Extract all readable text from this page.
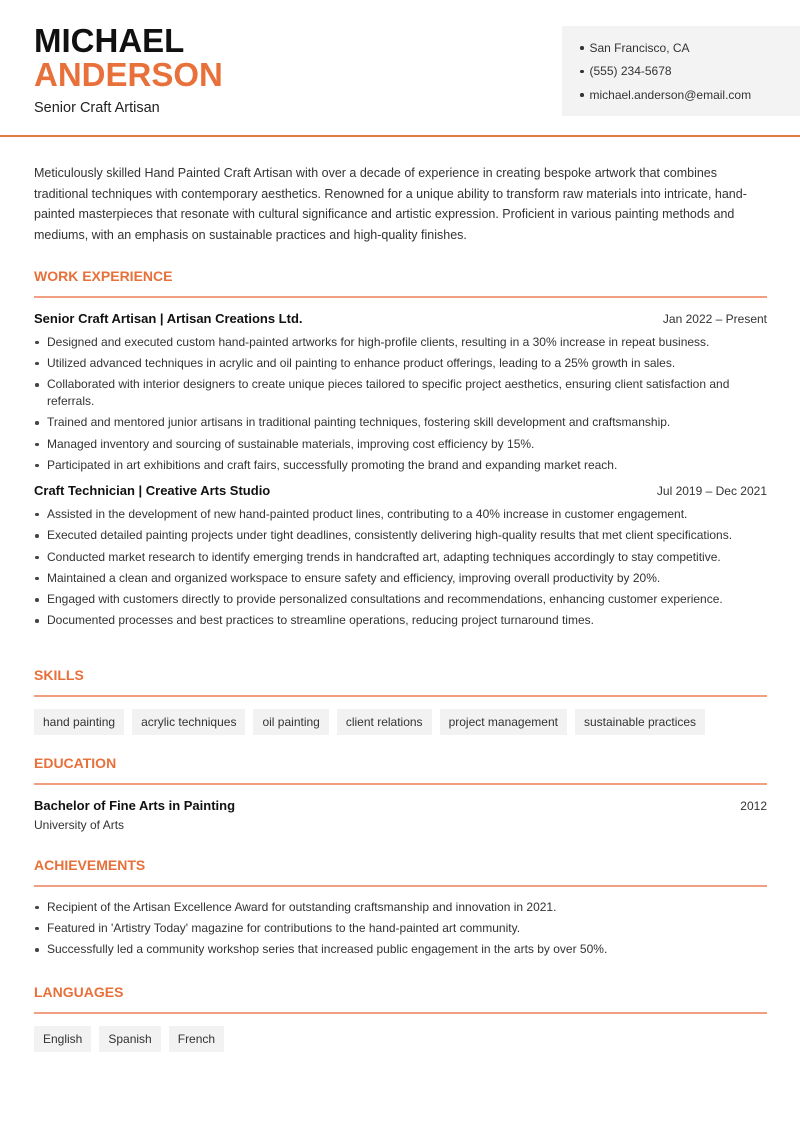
MICHAEL
ANDERSON
Senior Craft Artisan
San Francisco, CA
(555) 234-5678
michael.anderson@email.com

Meticulously skilled Hand Painted Craft Artisan with over a decade of experience in creating bespoke artwork that combines traditional techniques with contemporary aesthetics. Renowned for a unique ability to transform raw materials into intricate, hand-painted masterpieces that resonate with cultural significance and artistic expression. Proficient in various painting methods and mediums, with an emphasis on sustainable practices and high-quality finishes.

WORK EXPERIENCE
Senior Craft Artisan | Artisan Creations Ltd.	Jan 2022 – Present
Designed and executed custom hand-painted artworks for high-profile clients, resulting in a 30% increase in repeat business.
Utilized advanced techniques in acrylic and oil painting to enhance product offerings, leading to a 25% growth in sales.
Collaborated with interior designers to create unique pieces tailored to specific project aesthetics, ensuring client satisfaction and referrals.
Trained and mentored junior artisans in traditional painting techniques, fostering skill development and craftsmanship.
Managed inventory and sourcing of sustainable materials, improving cost efficiency by 15%.
Participated in art exhibitions and craft fairs, successfully promoting the brand and expanding market reach.
Craft Technician | Creative Arts Studio	Jul 2019 – Dec 2021
Assisted in the development of new hand-painted product lines, contributing to a 40% increase in customer engagement.
Executed detailed painting projects under tight deadlines, consistently delivering high-quality results that met client specifications.
Conducted market research to identify emerging trends in handcrafted art, adapting techniques accordingly to stay competitive.
Maintained a clean and organized workspace to ensure safety and efficiency, improving overall productivity by 20%.
Engaged with customers directly to provide personalized consultations and recommendations, enhancing customer experience.
Documented processes and best practices to streamline operations, reducing project turnaround times.
SKILLS
hand painting	acrylic techniques	oil painting	client relations	project management	sustainable practices
EDUCATION
Bachelor of Fine Arts in Painting	2012
University of Arts
ACHIEVEMENTS
Recipient of the Artisan Excellence Award for outstanding craftsmanship and innovation in 2021.
Featured in 'Artistry Today' magazine for contributions to the hand-painted art community.
Successfully led a community workshop series that increased public engagement in the arts by over 50%.
LANGUAGES
English	Spanish	French
